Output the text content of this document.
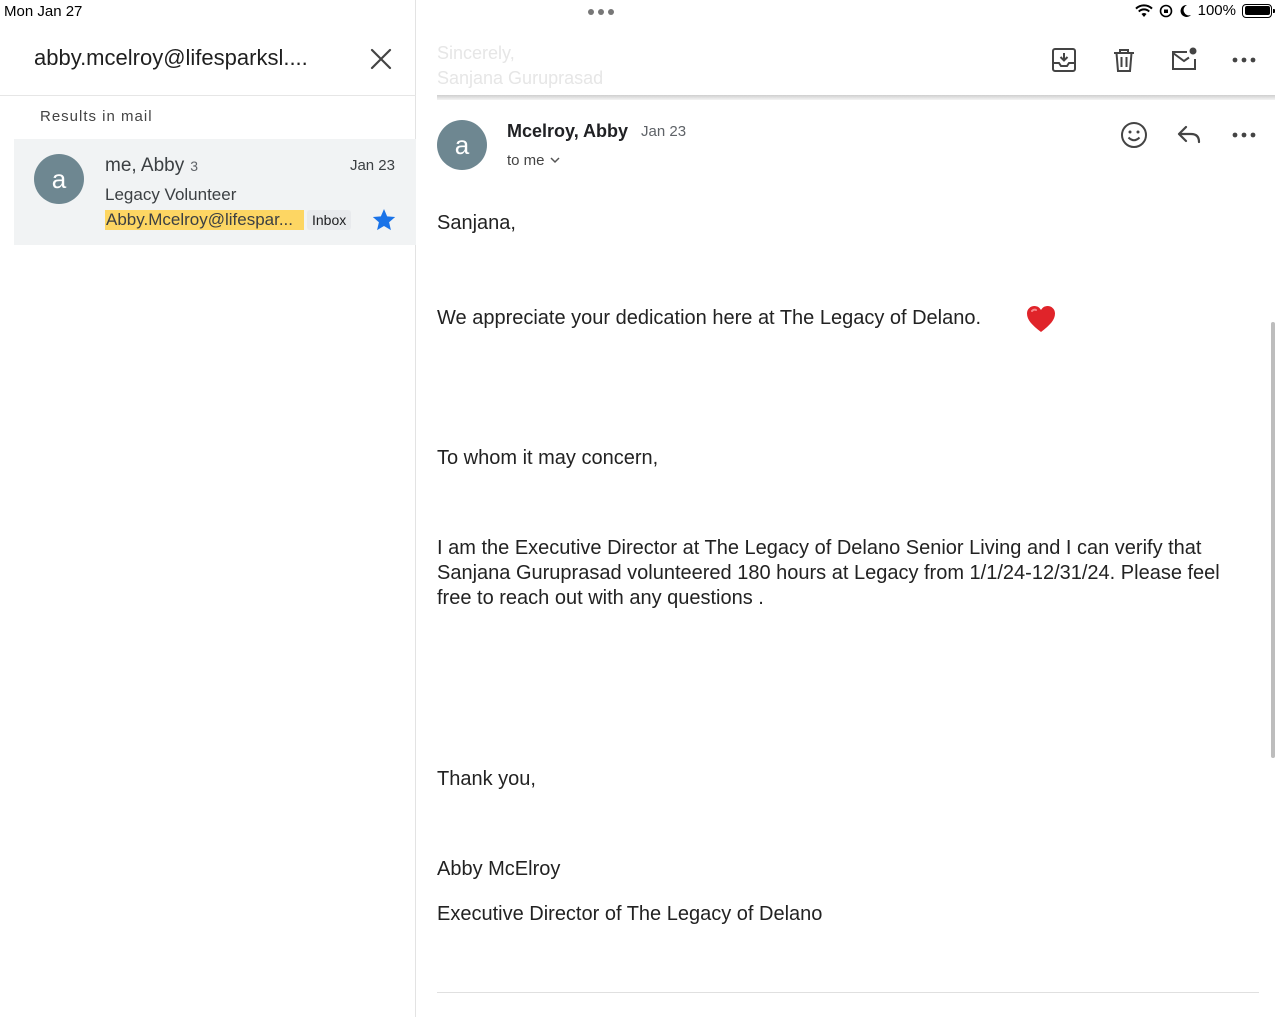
Mon Jan 27	100%
abby.mcelroy@lifesparksl....
Results in mail
a	me, Abby 3	Jan 23
Legacy Volunteer
Abby.Mcelroy@lifespar...	Inbox
Sincerely,
Sanjana Guruprasad
a	Mcelroy, Abby Jan 23
to me
Sanjana,
We appreciate your dedication here at The Legacy of Delano.
To whom it may concern,
I am the Executive Director at The Legacy of Delano Senior Living and I can verify that
Sanjana Guruprasad volunteered 180 hours at Legacy from 1/1/24-12/31/24. Please feel
free to reach out with any questions .
Thank you,
Abby McElroy
Executive Director of The Legacy of Delano
